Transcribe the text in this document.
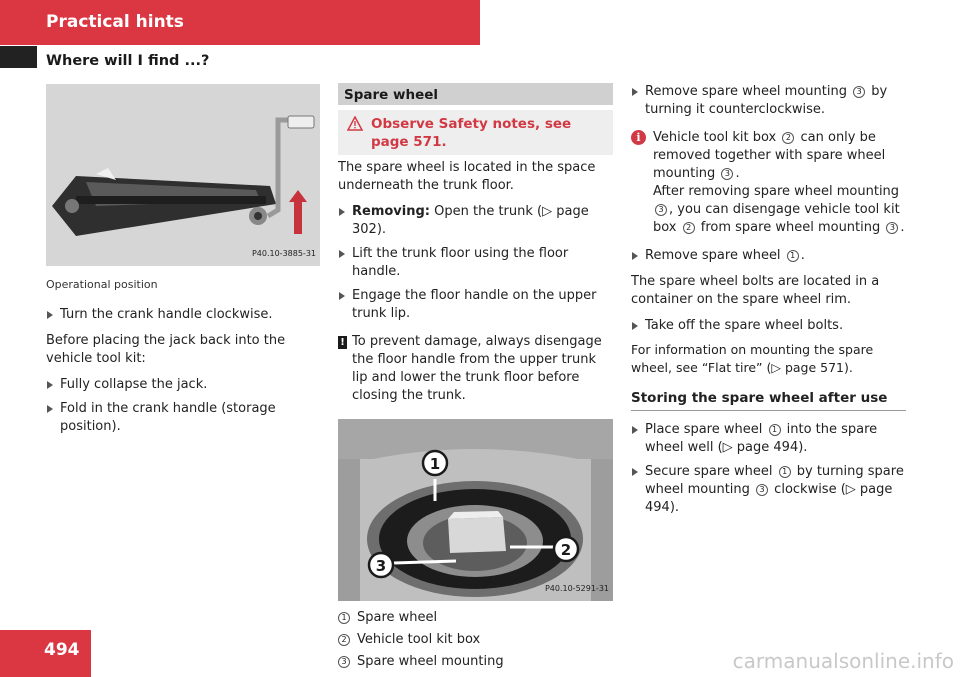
Practical hints
Where will I find ...?
P40.10-3885-31
Operational position
Turn the crank handle clockwise.

Before placing the jack back into the vehicle tool kit:

Fully collapse the jack.
Fold in the crank handle (storage position).
Spare wheel
Observe Safety notes, see page 571.

The spare wheel is located in the space underneath the trunk floor.

Removing: Open the trunk (▷ page 302).
Lift the trunk floor using the floor handle.
Engage the floor handle on the upper trunk lip.
! To prevent damage, always disengage the floor handle from the upper trunk lip and lower the trunk floor before closing the trunk.
1
2
3
P40.10-5291-31
1 Spare wheel
2 Vehicle tool kit box
3 Spare wheel mounting
Remove spare wheel mounting 3 by turning it counterclockwise.
i Vehicle tool kit box 2 can only be removed together with spare wheel mounting 3 .
After removing spare wheel mounting 3 , you can disengage vehicle tool kit box 2 from spare wheel mounting 3 .
Remove spare wheel 1 .

The spare wheel bolts are located in a container on the spare wheel rim.

Take off the spare wheel bolts.

For information on mounting the spare wheel, see “Flat tire” (▷ page 571).

Storing the spare wheel after use
Place spare wheel 1 into the spare wheel well (▷ page 494).
Secure spare wheel 1 by turning spare wheel mounting 3 clockwise (▷ page 494).
494	carmanualsonline.info
